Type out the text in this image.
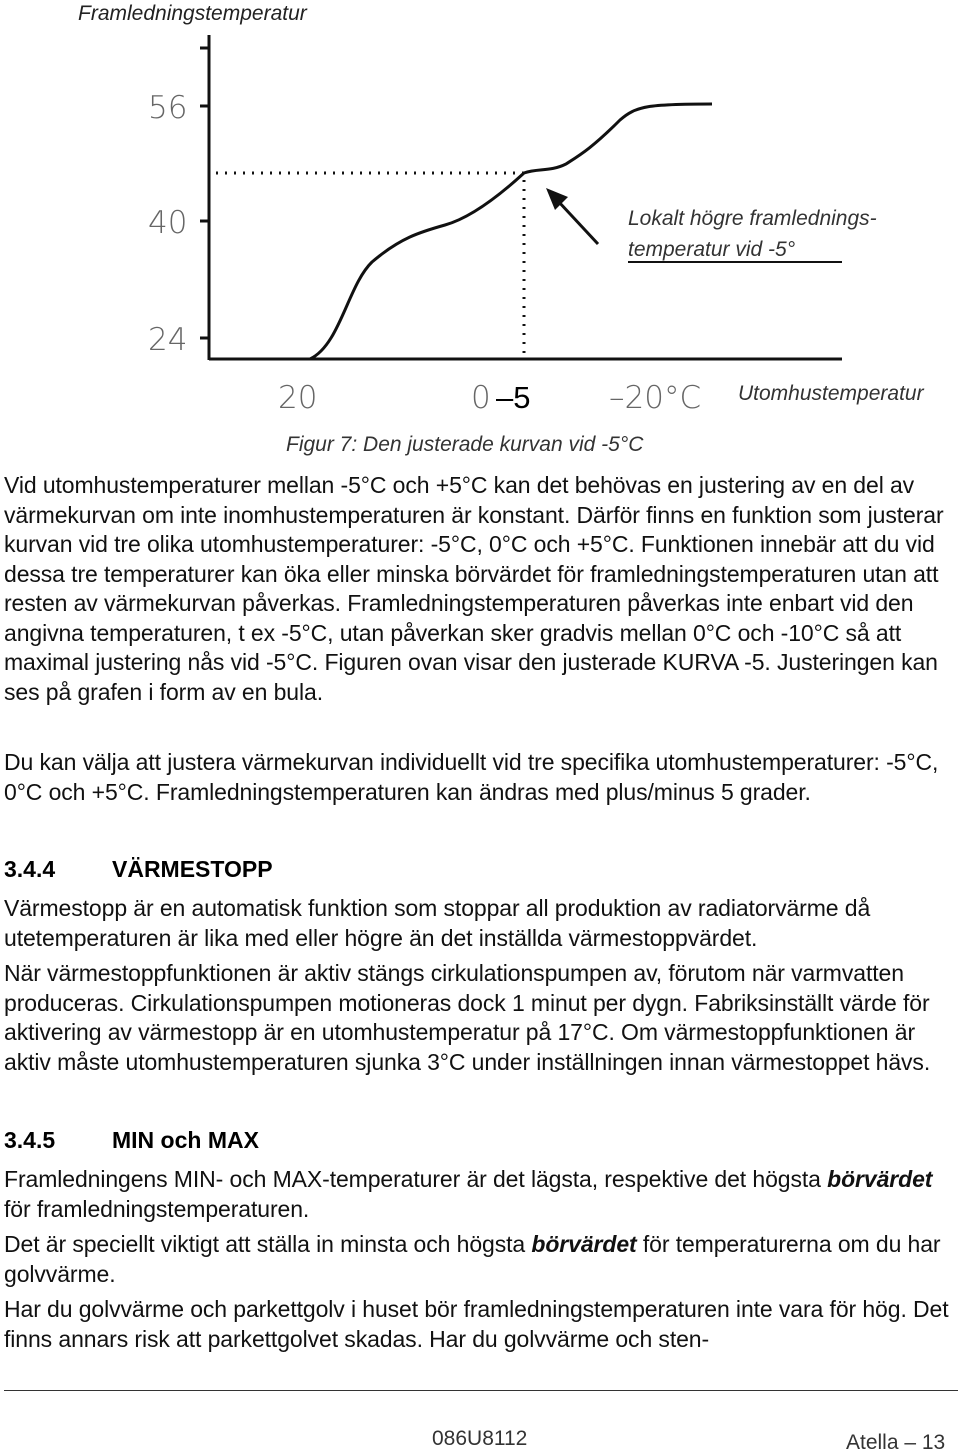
Framledningstemperatur
56
40
24
20	0 –5	–20°C
Lokalt högre framlednings-
temperatur vid -5°
Utomhustemperatur
Figur 7: Den justerade kurvan vid -5°C

Vid utomhustemperaturer mellan -5°C och +5°C kan det behövas en justering av en del av värmekurvan om inte inomhustemperaturen är konstant. Därför finns en funktion som justerar kurvan vid tre olika utomhustemperaturer: -5°C, 0°C och +5°C. Funktionen innebär att du vid dessa tre temperaturer kan öka eller minska börvärdet för framledningstemperaturen utan att resten av värmekurvan påverkas. Framledningstemperaturen påverkas inte enbart vid den angivna temperaturen, t ex -5°C, utan påverkan sker gradvis mellan 0°C och -10°C så att maximal justering nås vid -5°C. Figuren ovan visar den justerade KURVA -5. Justeringen kan ses på grafen i form av en bula.

Du kan välja att justera värmekurvan individuellt vid tre specifika utomhustemperaturer: -5°C, 0°C och +5°C. Framledningstemperaturen kan ändras med plus/minus 5 grader.

3.4.4 VÄRMESTOPP

Värmestopp är en automatisk funktion som stoppar all produktion av radiatorvärme då utetemperaturen är lika med eller högre än det inställda värmestoppvärdet.

När värmestoppfunktionen är aktiv stängs cirkulationspumpen av, förutom när varmvatten produceras. Cirkulationspumpen motioneras dock 1 minut per dygn. Fabriksinställt värde för aktivering av värmestopp är en utomhustemperatur på 17°C. Om värmestoppfunktionen är aktiv måste utomhustemperaturen sjunka 3°C under inställningen innan värmestoppet hävs.

3.4.5 MIN och MAX

Framledningens MIN- och MAX-temperaturer är det lägsta, respektive det högsta börvärdet för framledningstemperaturen.

Det är speciellt viktigt att ställa in minsta och högsta börvärdet för temperaturerna om du har golvvärme.

Har du golvvärme och parkettgolv i huset bör framledningstemperaturen inte vara för hög. Det finns annars risk att parkettgolvet skadas. Har du golvvärme och sten-

086U8112	Atella – 13
